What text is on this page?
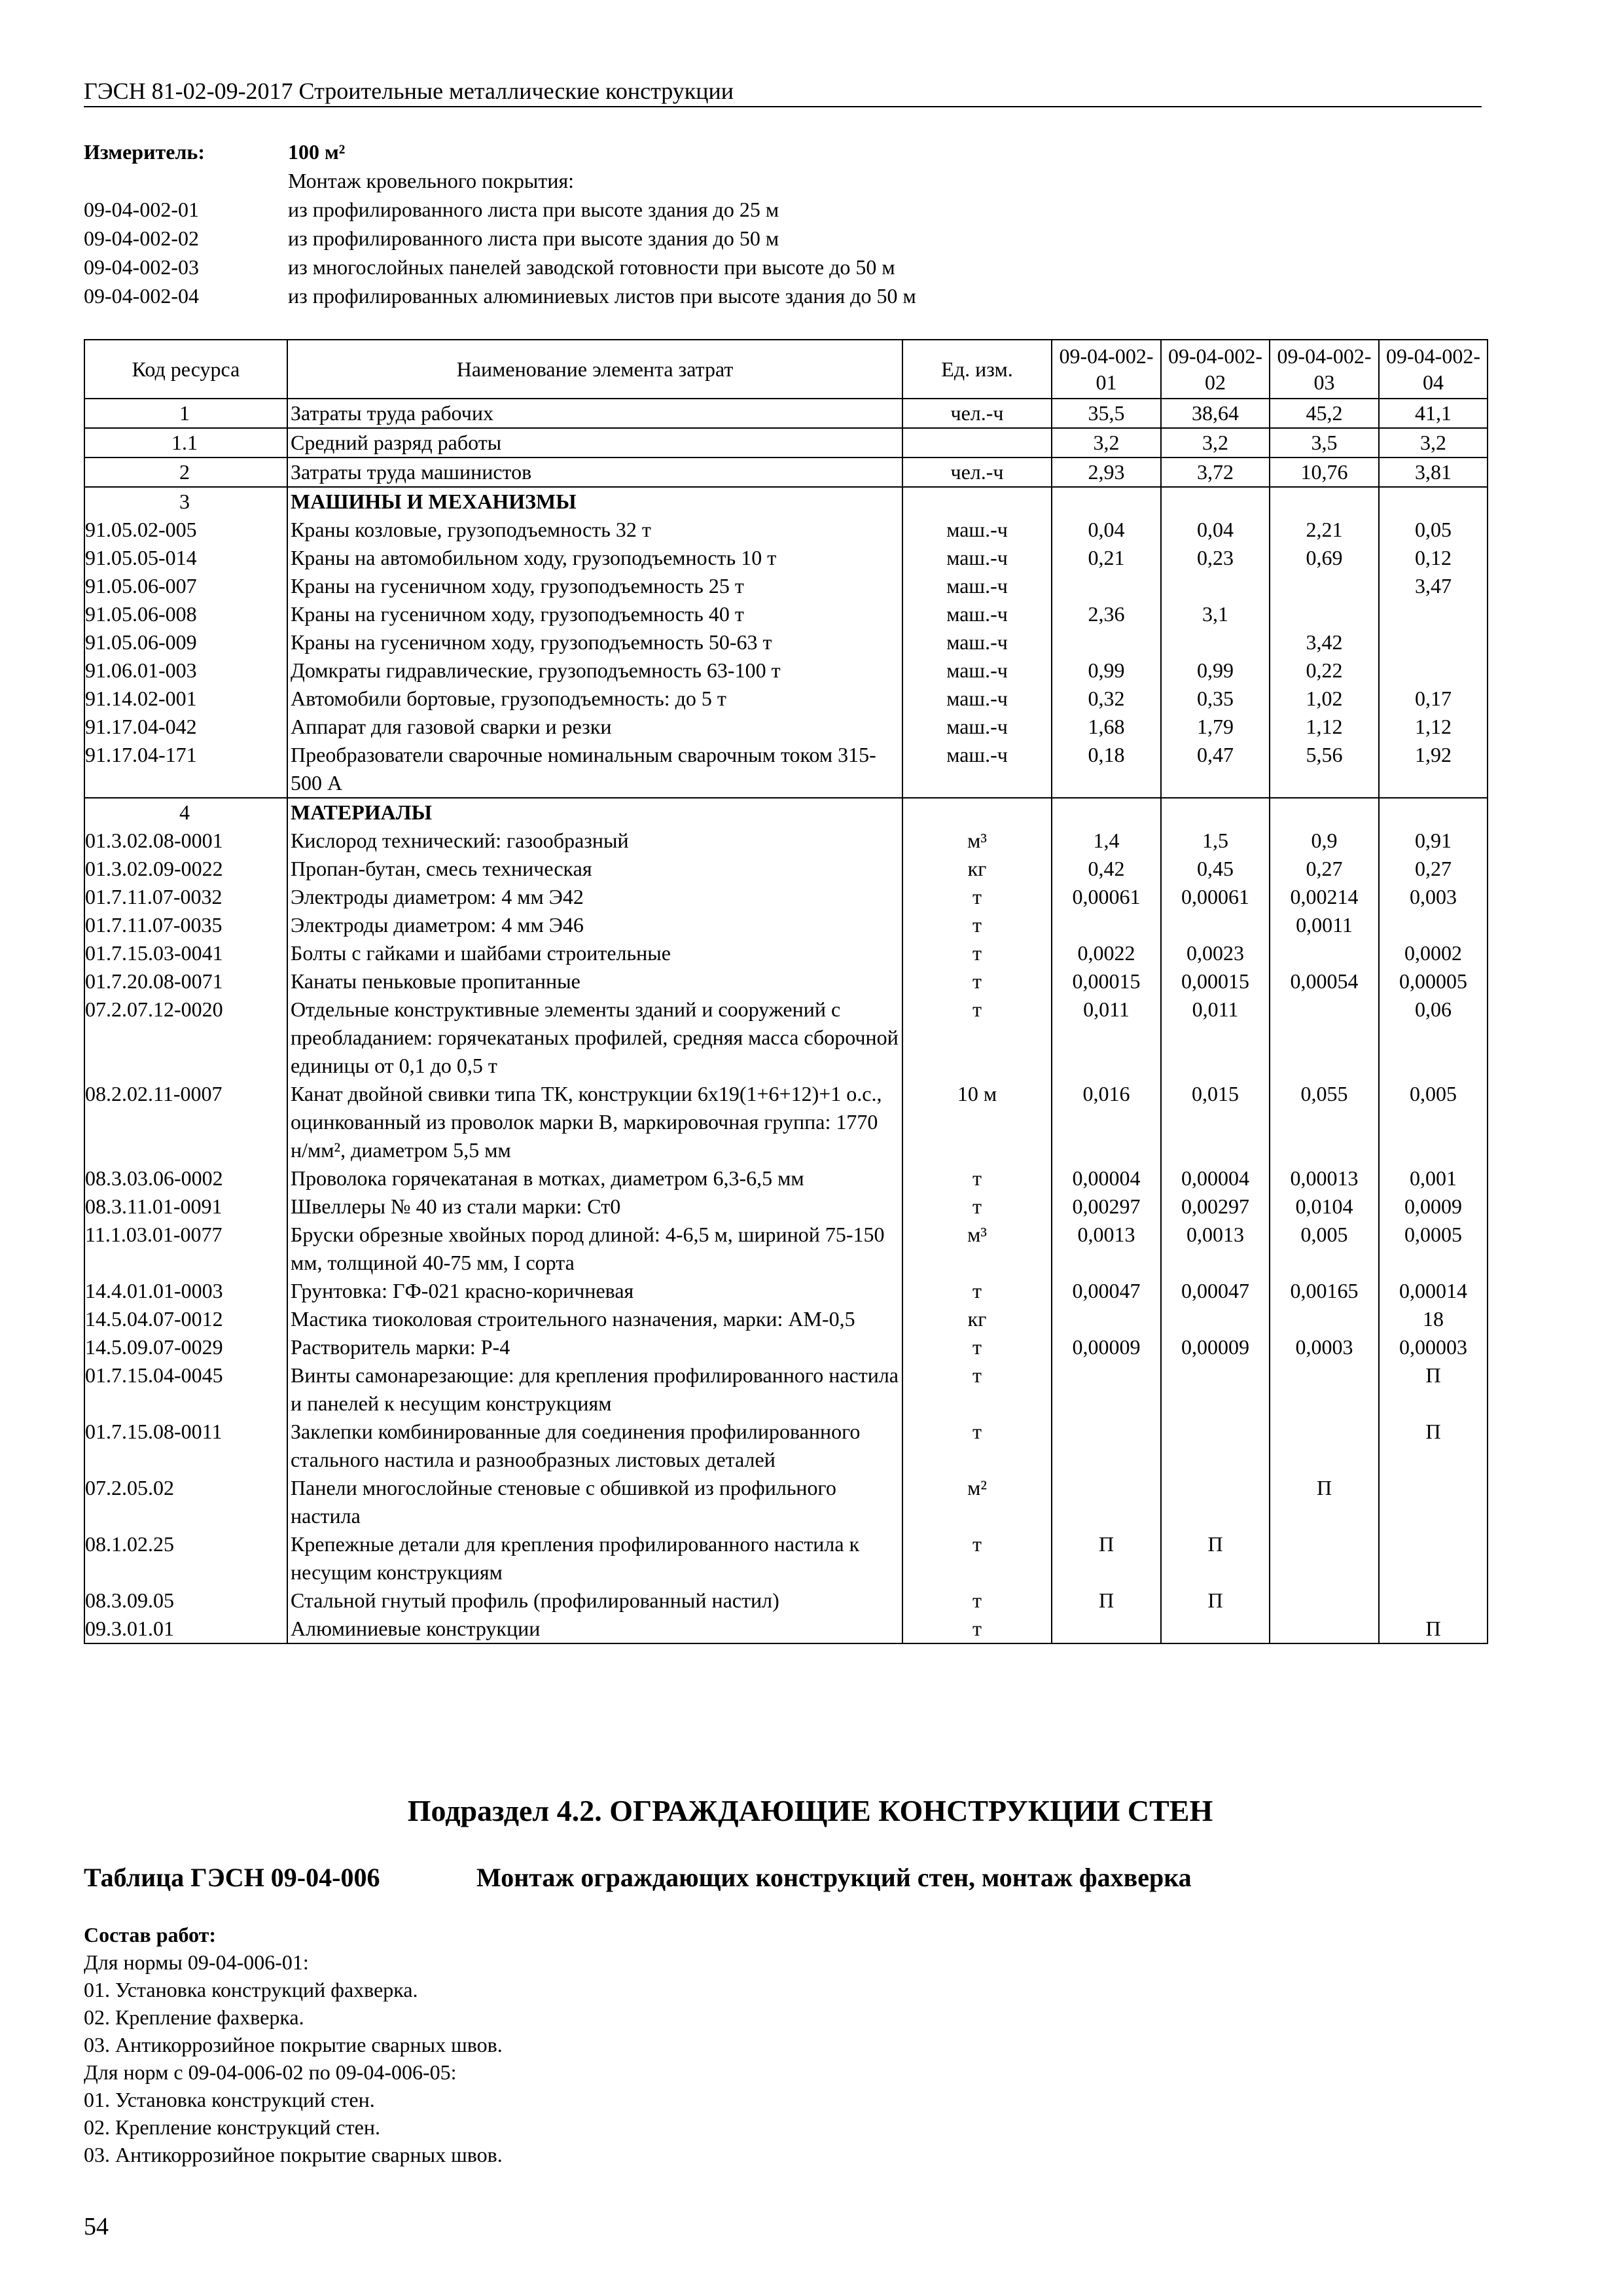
ГЭСН 81-02-09-2017 Строительные металлические конструкции
Измеритель:	100 м²
Монтаж кровельного покрытия:
09-04-002-01	из профилированного листа при высоте здания до 25 м
09-04-002-02	из профилированного листа при высоте здания до 50 м
09-04-002-03	из многослойных панелей заводской готовности при высоте до 50 м
09-04-002-04	из профилированных алюминиевых листов при высоте здания до 50 м
Код ресурса	Наименование элемента затрат	Ед. изм.	09-04-002-01	09-04-002-02	09-04-002-03	09-04-002-04
1	Затраты труда рабочих	чел.-ч	35,5	38,64	45,2	41,1
1.1	Средний разряд работы		3,2	3,2	3,5	3,2
2	Затраты труда машинистов	чел.-ч	2,93	3,72	10,76	3,81
3	МАШИНЫ И МЕХАНИЗМЫ					
91.05.02-005	Краны козловые, грузоподъемность 32 т	маш.-ч	0,04	0,04	2,21	0,05
91.05.05-014	Краны на автомобильном ходу, грузоподъемность 10 т	маш.-ч	0,21	0,23	0,69	0,12
91.05.06-007	Краны на гусеничном ходу, грузоподъемность 25 т	маш.-ч				3,47
91.05.06-008	Краны на гусеничном ходу, грузоподъемность 40 т	маш.-ч	2,36	3,1		
91.05.06-009	Краны на гусеничном ходу, грузоподъемность 50-63 т	маш.-ч			3,42	
91.06.01-003	Домкраты гидравлические, грузоподъемность 63-100 т	маш.-ч	0,99	0,99	0,22	
91.14.02-001	Автомобили бортовые, грузоподъемность: до 5 т	маш.-ч	0,32	0,35	1,02	0,17
91.17.04-042	Аппарат для газовой сварки и резки	маш.-ч	1,68	1,79	1,12	1,12
91.17.04-171	Преобразователи сварочные номинальным сварочным током 315-500 А	маш.-ч	0,18	0,47	5,56	1,92
4	МАТЕРИАЛЫ					
01.3.02.08-0001	Кислород технический: газообразный	м³	1,4	1,5	0,9	0,91
01.3.02.09-0022	Пропан-бутан, смесь техническая	кг	0,42	0,45	0,27	0,27
01.7.11.07-0032	Электроды диаметром: 4 мм Э42	т	0,00061	0,00061	0,00214	0,003
01.7.11.07-0035	Электроды диаметром: 4 мм Э46	т			0,0011	
01.7.15.03-0041	Болты с гайками и шайбами строительные	т	0,0022	0,0023		0,0002
01.7.20.08-0071	Канаты пеньковые пропитанные	т	0,00015	0,00015	0,00054	0,00005
07.2.07.12-0020	Отдельные конструктивные элементы зданий и сооружений с преобладанием: горячекатаных профилей, средняя масса сборочной единицы от 0,1 до 0,5 т	т	0,011	0,011		0,06
08.2.02.11-0007	Канат двойной свивки типа ТК, конструкции 6х19(1+6+12)+1 о.с., оцинкованный из проволок марки В, маркировочная группа: 1770 н/мм², диаметром 5,5 мм	10 м	0,016	0,015	0,055	0,005
08.3.03.06-0002	Проволока горячекатаная в мотках, диаметром 6,3-6,5 мм	т	0,00004	0,00004	0,00013	0,001
08.3.11.01-0091	Швеллеры № 40 из стали марки: Ст0	т	0,00297	0,00297	0,0104	0,0009
11.1.03.01-0077	Бруски обрезные хвойных пород длиной: 4-6,5 м, шириной 75-150 мм, толщиной 40-75 мм, I сорта	м³	0,0013	0,0013	0,005	0,0005
14.4.01.01-0003	Грунтовка: ГФ-021 красно-коричневая	т	0,00047	0,00047	0,00165	0,00014
14.5.04.07-0012	Мастика тиоколовая строительного назначения, марки: АМ-0,5	кг				18
14.5.09.07-0029	Растворитель марки: Р-4	т	0,00009	0,00009	0,0003	0,00003
01.7.15.04-0045	Винты самонарезающие: для крепления профилированного настила и панелей к несущим конструкциям	т				П
01.7.15.08-0011	Заклепки комбинированные для соединения профилированного стального настила и разнообразных листовых деталей	т				П
07.2.05.02	Панели многослойные стеновые с обшивкой из профильного настила	м²			П	
08.1.02.25	Крепежные детали для крепления профилированного настила к несущим конструкциям	т	П	П		
08.3.09.05	Стальной гнутый профиль (профилированный настил)	т	П	П		
09.3.01.01	Алюминиевые конструкции	т				П
Подраздел 4.2. ОГРАЖДАЮЩИЕ КОНСТРУКЦИИ СТЕН
Таблица ГЭСН 09-04-006	Монтаж ограждающих конструкций стен, монтаж фахверка
Состав работ:
Для нормы 09-04-006-01:
01. Установка конструкций фахверка.
02. Крепление фахверка.
03. Антикоррозийное покрытие сварных швов.
Для норм с 09-04-006-02 по 09-04-006-05:
01. Установка конструкций стен.
02. Крепление конструкций стен.
03. Антикоррозийное покрытие сварных швов.
54
